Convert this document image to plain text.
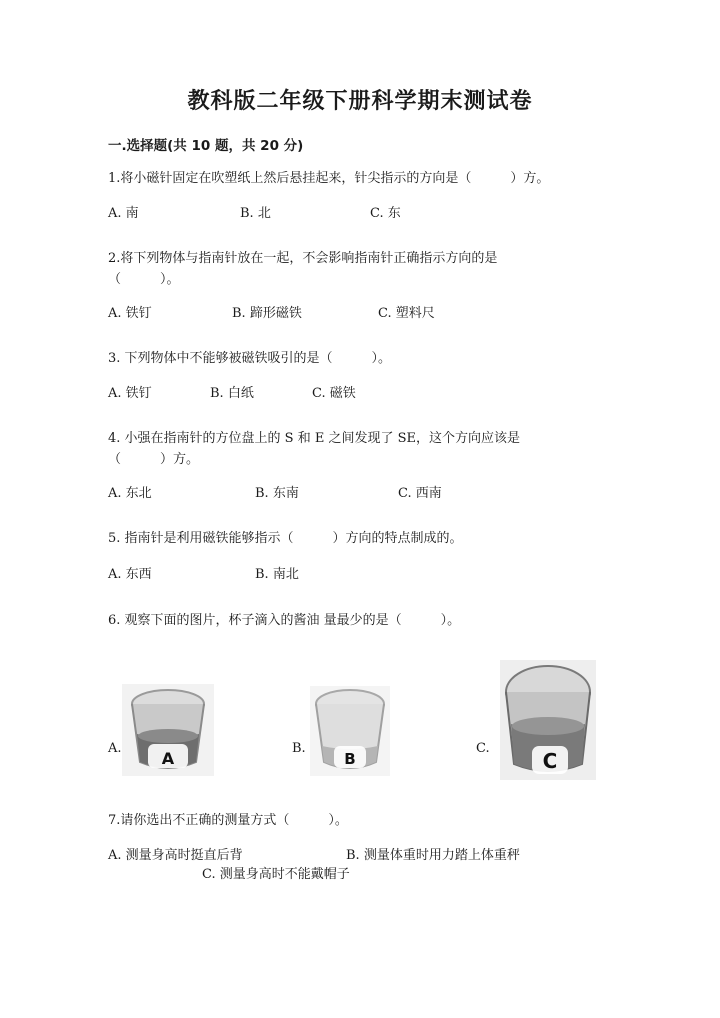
教科版二年级下册科学期末测试卷
一.选择题(共 10 题，共 20 分)
1.将小磁针固定在吹塑纸上然后悬挂起来，针尖指示的方向是（　　　）方。
A. 南	B. 北	C. 东
2.将下列物体与指南针放在一起，不会影响指南针正确指示方向的是（　　　）。
A. 铁钉	B. 蹄形磁铁	C. 塑料尺
3. 下列物体中不能够被磁铁吸引的是（　　　）。
A. 铁钉	B. 白纸	C. 磁铁
4. 小强在指南针的方位盘上的 S 和 E 之间发现了 SE，这个方向应该是（　　　）方。
A. 东北	B. 东南	C. 西南
5. 指南针是利用磁铁能够指示（　　　）方向的特点制成的。
A. 东西	B. 南北
6. 观察下面的图片，杯子滴入的酱油 量最少的是（　　　）。
A.	B.	C.
A	B	C
7.请你选出不正确的测量方式（　　　）。
A. 测量身高时挺直后背	B. 测量体重时用力踏上体重秤
C. 测量身高时不能戴帽子
